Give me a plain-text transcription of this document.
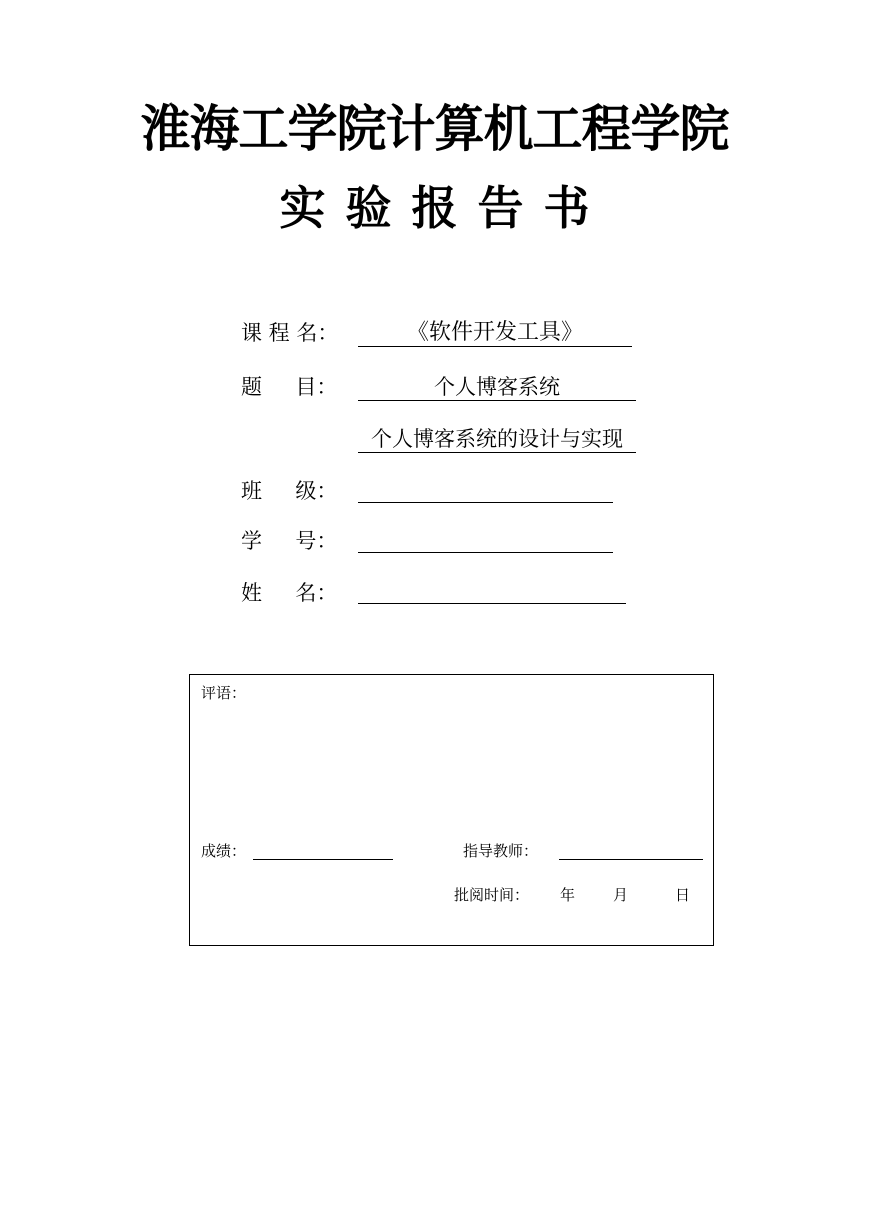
淮海工学院计算机工程学院
实验报告书
课 程 名：	《软件开发工具》
题     目：	个人博客系统
个人博客系统的设计与实现
班     级：
学     号：
姓     名：
评语：
成绩：	指导教师：
批阅时间： 年	月	日
